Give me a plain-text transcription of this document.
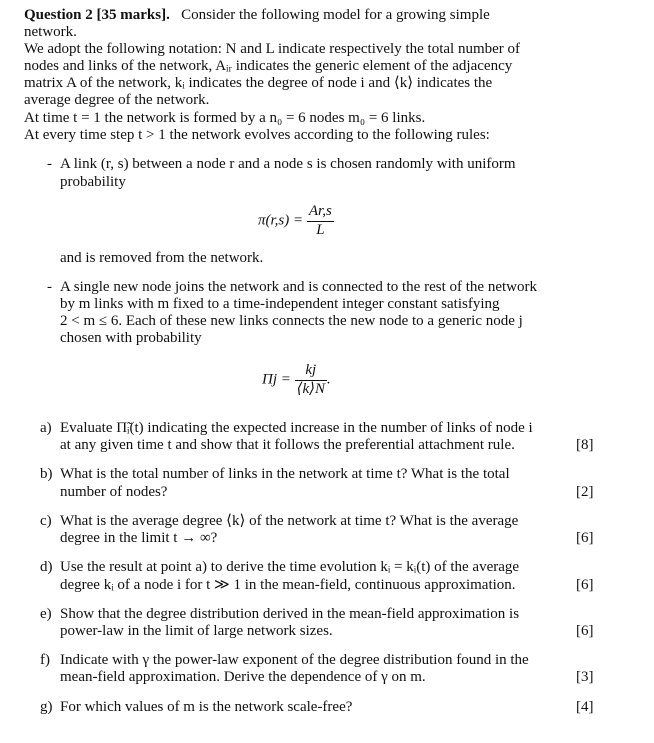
Question 2 [35 marks]. Consider the following model for a growing simple
network.
We adopt the following notation: N and L indicate respectively the total number of
nodes and links of the network, Aᵢᵣ indicates the generic element of the adjacency
matrix A of the network, kᵢ indicates the degree of node i and ⟨k⟩ indicates the
average degree of the network.
At time t = 1 the network is formed by a n₀ = 6 nodes m₀ = 6 links.
At every time step t > 1 the network evolves according to the following rules:
- A link (r, s) between a node r and a node s is chosen randomly with uniform
probability
$\pi(r,s) = \frac{Ar,s}{L}$
and is removed from the network.
- A single new node joins the network and is connected to the rest of the network
by m links with m fixed to a time-independent integer constant satisfying
2 < m ≤ 6. Each of these new links connects the new node to a generic node j
chosen with probability
$\Pi j = \frac{kj}{⟨k⟩N}$ .
a) Evaluate Π̃ᵢ(t) indicating the expected increase in the number of links of node i
at any given time t and show that it follows the preferential attachment rule.	[8]
b) What is the total number of links in the network at time t? What is the total
number of nodes?	[2]
c) What is the average degree ⟨k⟩ of the network at time t? What is the average
degree in the limit t → ∞?	[6]
d) Use the result at point a) to derive the time evolution kᵢ = kᵢ(t) of the average
degree kᵢ of a node i for t ≫ 1 in the mean-field, continuous approximation.	[6]
e) Show that the degree distribution derived in the mean-field approximation is
power-law in the limit of large network sizes.	[6]
f) Indicate with γ the power-law exponent of the degree distribution found in the
mean-field approximation. Derive the dependence of γ on m.	[3]
g) For which values of m is the network scale-free?	[4]
